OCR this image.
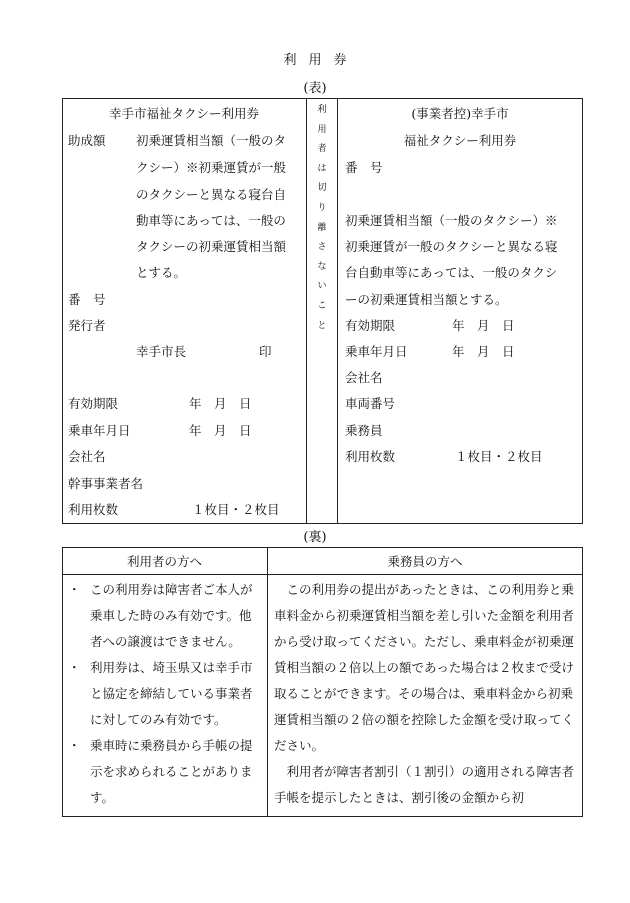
利用券
(表)
幸手市福祉タクシー利用券
助成額 初乗運賃相当額（一般のタ
クシー）※初乗運賃が一般
のタクシーと異なる寝台自
動車等にあっては、一般の
タクシーの初乗運賃相当額
とする。
番　号
発行者
幸手市長	印
有効期限	年　月　日
乗車年月日	年　月　日
会社名
幹事事業者名
利用枚数	１枚目・２枚目
利
用
者
は
切
り
離
さ
な
い
こ
と
(事業者控)幸手市
福祉タクシー利用券
番　号
初乗運賃相当額（一般のタクシー）※
初乗運賃が一般のタクシーと異なる寝
台自動車等にあっては、一般のタクシ
ーの初乗運賃相当額とする。
有効期限	年　月　日
乗車年月日	年　月　日
会社名
車両番号
乗務員
利用枚数	１枚目・２枚目
(裏)
利用者の方へ	乗務員の方へ
・ この利用券は障害者ご本人が乗車した時のみ有効です。他者への譲渡はできません。
・ 利用券は、埼玉県又は幸手市と協定を締結している事業者に対してのみ有効です。
・ 乗車時に乗務員から手帳の提示を求められることがあります。
この利用券の提出があったときは、この利用券と乗車料金から初乗運賃相当額を差し引いた金額を利用者から受け取ってください。ただし、乗車料金が初乗運賃相当額の２倍以上の額であった場合は２枚まで受け取ることができます。その場合は、乗車料金から初乗運賃相当額の２倍の額を控除した金額を受け取ってください。
利用者が障害者割引（１割引）の適用される障害者手帳を提示したときは、割引後の金額から初
